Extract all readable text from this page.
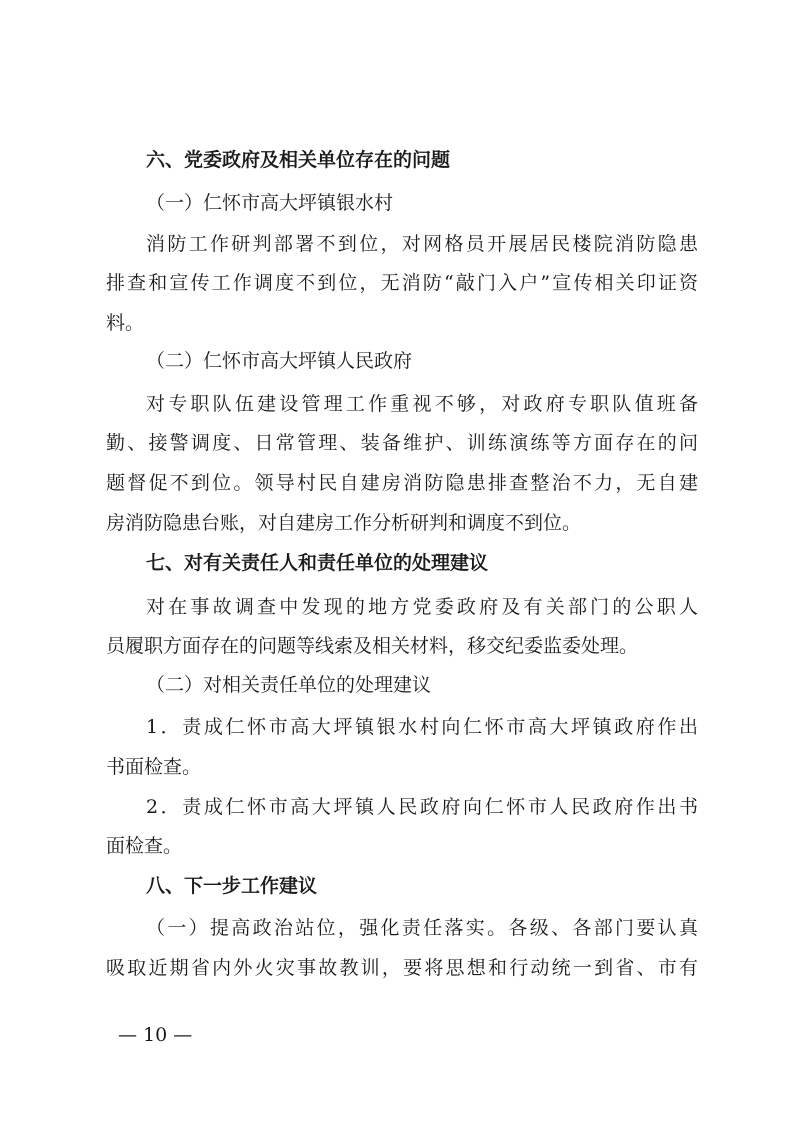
六、党委政府及相关单位存在的问题
（一）仁怀市高大坪镇银水村
消防工作研判部署不到位，对网格员开展居民楼院消防隐患
排查和宣传工作调度不到位，无消防“敲门入户”宣传相关印证资
料。
（二）仁怀市高大坪镇人民政府
对专职队伍建设管理工作重视不够，对政府专职队值班备
勤、接警调度、日常管理、装备维护、训练演练等方面存在的问
题督促不到位。领导村民自建房消防隐患排查整治不力，无自建
房消防隐患台账，对自建房工作分析研判和调度不到位。
七、对有关责任人和责任单位的处理建议
对在事故调查中发现的地方党委政府及有关部门的公职人
员履职方面存在的问题等线索及相关材料，移交纪委监委处理。
（二）对相关责任单位的处理建议
1．责成仁怀市高大坪镇银水村向仁怀市高大坪镇政府作出
书面检查。
2．责成仁怀市高大坪镇人民政府向仁怀市人民政府作出书
面检查。
八、下一步工作建议
（一）提高政治站位，强化责任落实。各级、各部门要认真
吸取近期省内外火灾事故教训，要将思想和行动统一到省、市有
— 10 —
